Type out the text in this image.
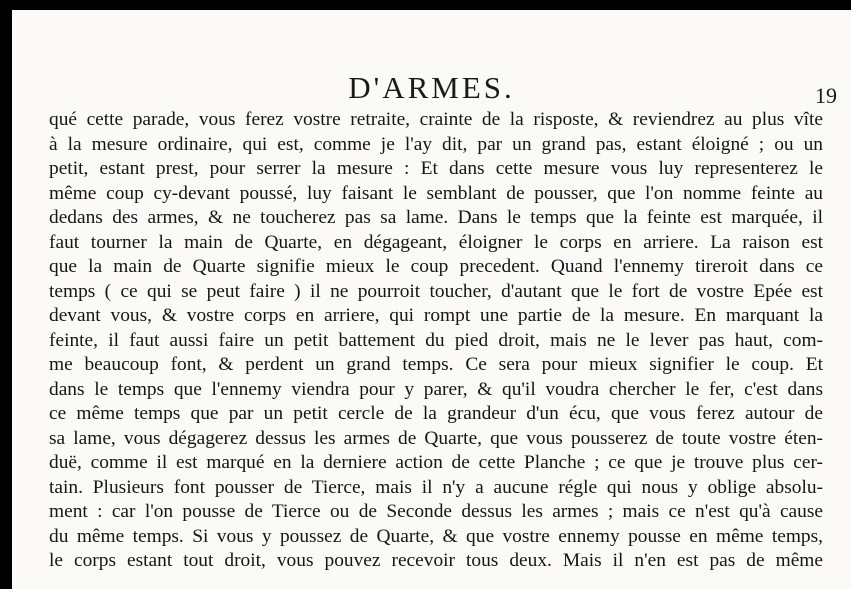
D'ARMES.	19
qué cette parade, vous ferez vostre retraite, crainte de la risposte, & reviendrez au plus vîte
à la mesure ordinaire, qui est, comme je l'ay dit, par un grand pas, estant éloigné ; ou un
petit, estant prest, pour serrer la mesure : Et dans cette mesure vous luy representerez le
même coup cy-devant poussé, luy faisant le semblant de pousser, que l'on nomme feinte au
dedans des armes, & ne toucherez pas sa lame. Dans le temps que la feinte est marquée, il
faut tourner la main de Quarte, en dégageant, éloigner le corps en arriere. La raison est
que la main de Quarte signifie mieux le coup precedent. Quand l'ennemy tireroit dans ce
temps ( ce qui se peut faire ) il ne pourroit toucher, d'autant que le fort de vostre Epée est
devant vous, & vostre corps en arriere, qui rompt une partie de la mesure. En marquant la
feinte, il faut aussi faire un petit battement du pied droit, mais ne le lever pas haut, com-
me beaucoup font, & perdent un grand temps. Ce sera pour mieux signifier le coup. Et
dans le temps que l'ennemy viendra pour y parer, & qu'il voudra chercher le fer, c'est dans
ce même temps que par un petit cercle de la grandeur d'un écu, que vous ferez autour de
sa lame, vous dégagerez dessus les armes de Quarte, que vous pousserez de toute vostre éten-
duë, comme il est marqué en la derniere action de cette Planche ; ce que je trouve plus cer-
tain. Plusieurs font pousser de Tierce, mais il n'y a aucune régle qui nous y oblige absolu-
ment : car l'on pousse de Tierce ou de Seconde dessus les armes ; mais ce n'est qu'à cause
du même temps. Si vous y poussez de Quarte, & que vostre ennemy pousse en même temps,
le corps estant tout droit, vous pouvez recevoir tous deux. Mais il n'en est pas de même
